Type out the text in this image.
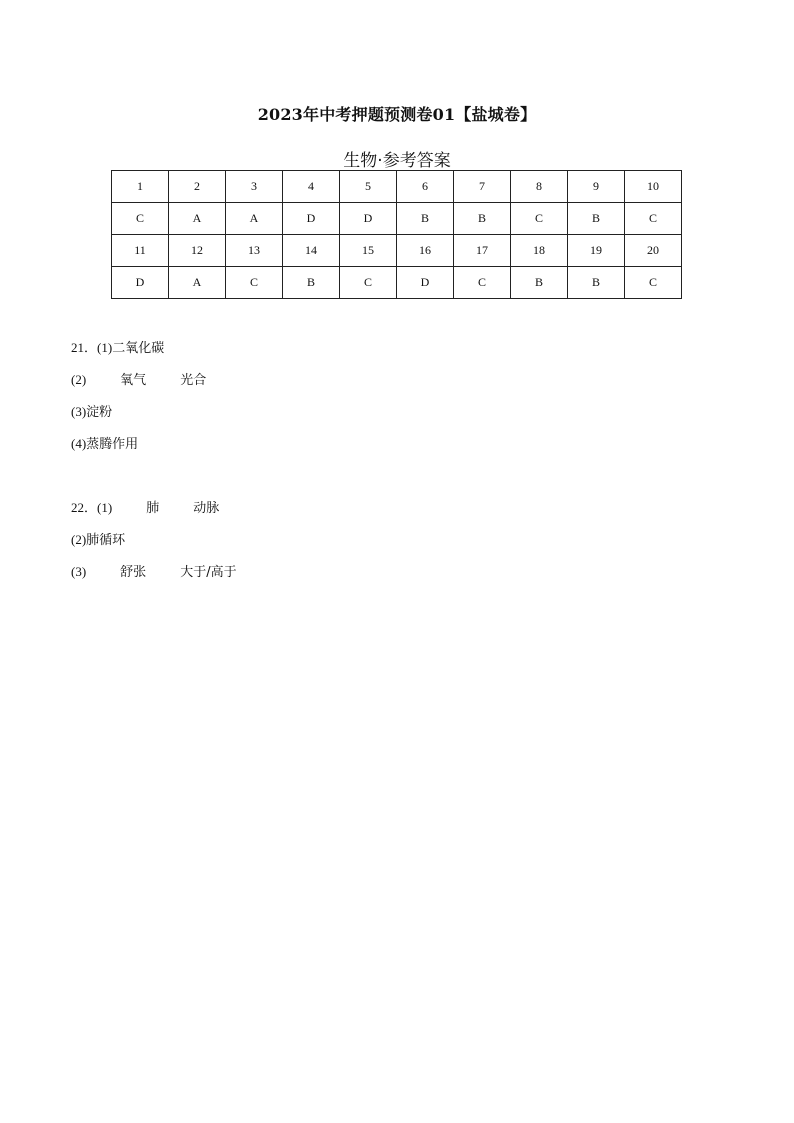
2023年中考押题预测卷01【盐城卷】
生物·参考答案
1	2	3	4	5	6	7	8	9	10
C	A	A	D	D	B	B	C	B	C
11	12	13	14	15	16	17	18	19	20
D	A	C	B	C	D	C	B	B	C
21．(1)二氧化碳
(2)	氧气	光合
(3)淀粉
(4)蒸腾作用
22．(1)	肺	动脉
(2)肺循环
(3)	舒张	大于/高于
